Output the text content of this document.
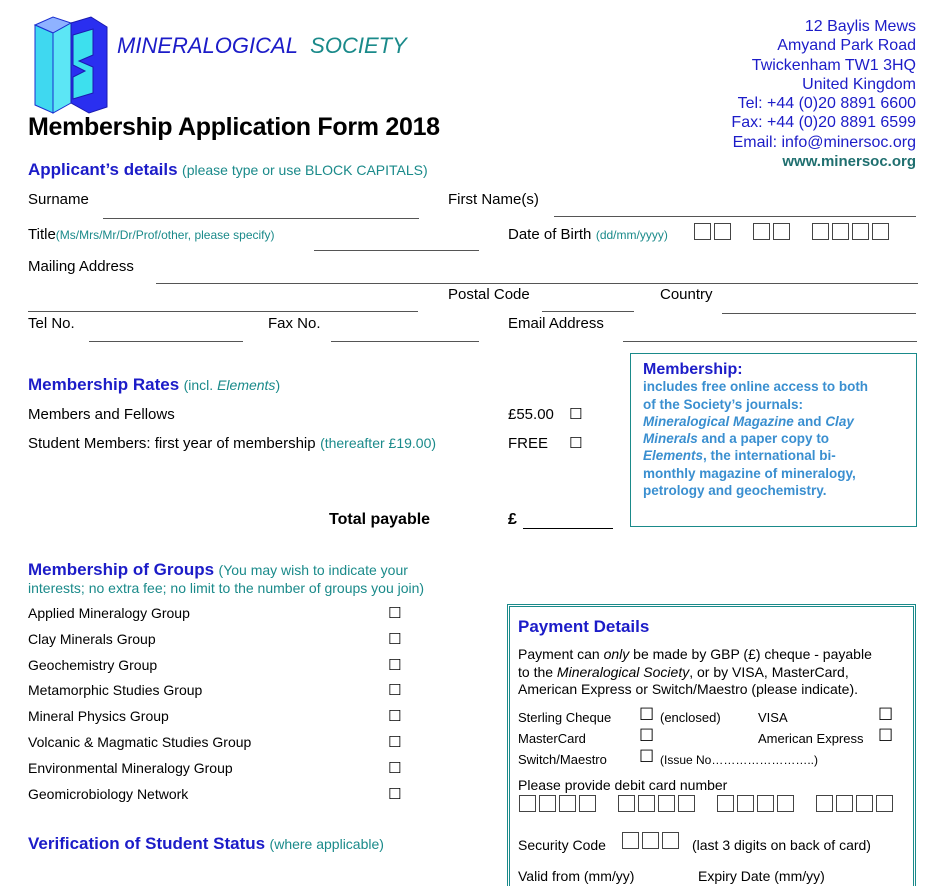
MINERALOGICAL SOCIETY
12 Baylis Mews
Amyand Park Road
Twickenham TW1 3HQ
United Kingdom
Tel: +44 (0)20 8891 6600
Fax: +44 (0)20 8891 6599
Email: info@minersoc.org
www.minersoc.org
Membership Application Form 2018
Applicant’s details (please type or use BLOCK CAPITALS)
Surname	First Name(s)
Title(Ms/Mrs/Mr/Dr/Prof/other, please specify)	Date of Birth (dd/mm/yyyy)

Mailing Address
Postal Code	Country
Tel No.	Fax No.	Email Address
Membership:
includes free online access to both
of the Society’s journals:
Mineralogical Magazine and Clay
Minerals and a paper copy to
Elements, the international bi-
monthly magazine of mineralogy,
petrology and geochemistry.
Membership Rates (incl. Elements)
Members and Fellows	£55.00 ☐
Student Members: first year of membership (thereafter £19.00)	FREE ☐
Total payable	£
Membership of Groups (You may wish to indicate your
interests; no extra fee; no limit to the number of groups you join)
Applied Mineralogy Group	☐
Clay Minerals Group	☐
Geochemistry Group	☐
Metamorphic Studies Group	☐
Mineral Physics Group	☐
Volcanic & Magmatic Studies Group	☐
Environmental Mineralogy Group	☐
Geomicrobiology Network	☐
Verification of Student Status (where applicable)
Payment Details
Payment can only be made by GBP (£) cheque - payable
to the Mineralogical Society, or by VISA, MasterCard,
American Express or Switch/Maestro (please indicate).
Sterling Cheque ☐ (enclosed)	VISA	☐
MasterCard	☐	American Express ☐
Switch/Maestro ☐ (Issue No……………………..)
Please provide debit card number

Security Code	(last 3 digits on back of card)
Valid from (mm/yy)	Expiry Date (mm/yy)
